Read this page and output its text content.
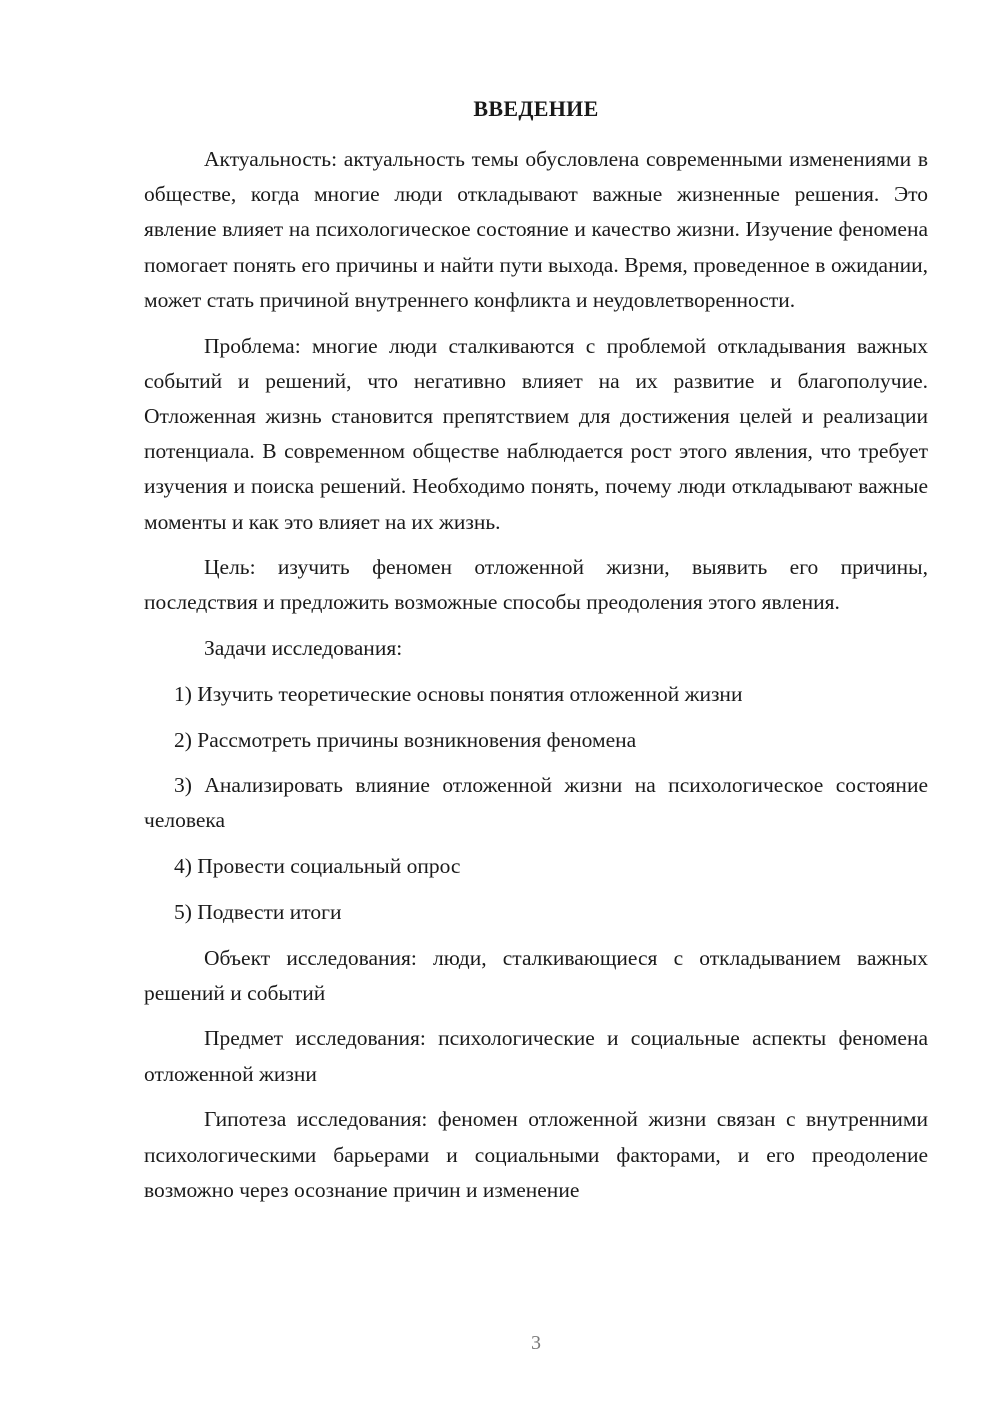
ВВЕДЕНИЕ

Актуальность: актуальность темы обусловлена современными изменениями в обществе, когда многие люди откладывают важные жизненные решения. Это явление влияет на психологическое состояние и качество жизни. Изучение феномена помогает понять его причины и найти пути выхода. Время, проведенное в ожидании, может стать причиной внутреннего конфликта и неудовлетворенности.

Проблема: многие люди сталкиваются с проблемой откладывания важных событий и решений, что негативно влияет на их развитие и благополучие. Отложенная жизнь становится препятствием для достижения целей и реализации потенциала. В современном обществе наблюдается рост этого явления, что требует изучения и поиска решений. Необходимо понять, почему люди откладывают важные моменты и как это влияет на их жизнь.

Цель: изучить феномен отложенной жизни, выявить его причины, последствия и предложить возможные способы преодоления этого явления.

Задачи исследования:

1) Изучить теоретические основы понятия отложенной жизни

2) Рассмотреть причины возникновения феномена

3) Анализировать влияние отложенной жизни на психологическое состояние человека

4) Провести социальный опрос

5) Подвести итоги

Объект исследования: люди, сталкивающиеся с откладыванием важных решений и событий

Предмет исследования: психологические и социальные аспекты феномена отложенной жизни

Гипотеза исследования: феномен отложенной жизни связан с внутренними психологическими барьерами и социальными факторами, и его преодоление возможно через осознание причин и изменение

3
